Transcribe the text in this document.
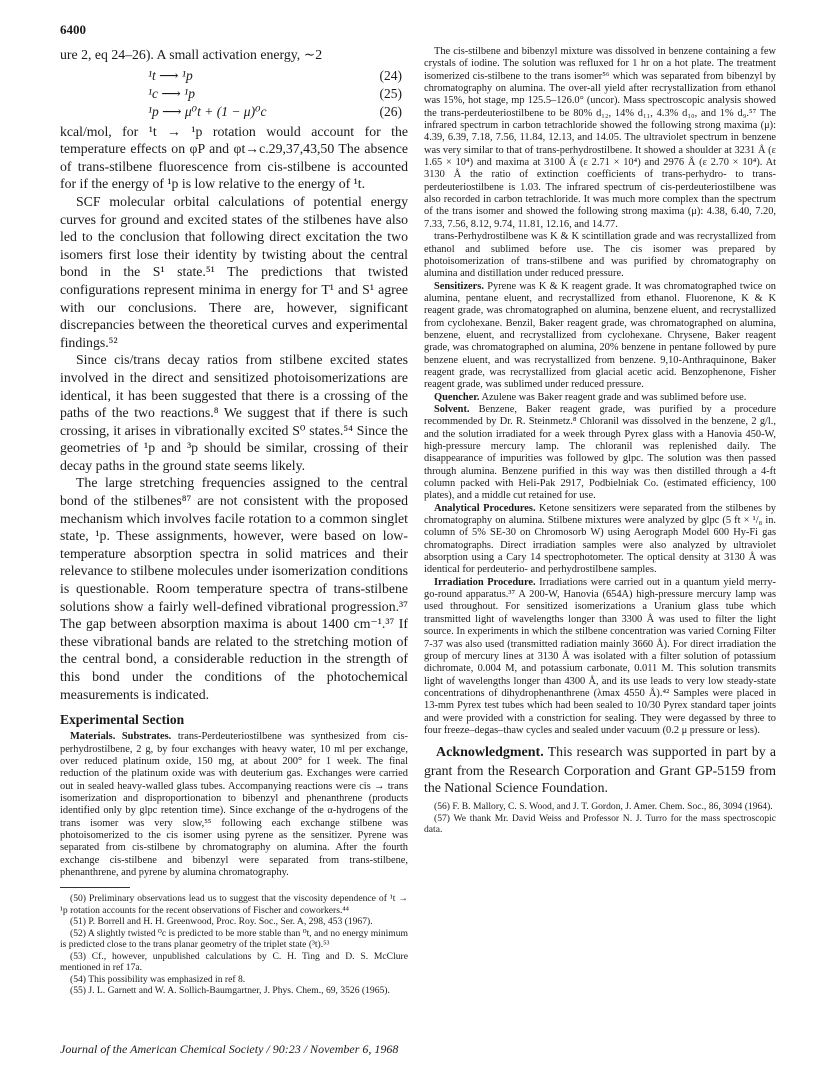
6400

ure 2, eq 24–26). A small activation energy, ∼2

¹t ⟶ ¹p	(24)
¹c ⟶ ¹p	(25)
¹p ⟶ μ⁰t + (1 − μ)⁰c	(26)

kcal/mol, for ¹t → ¹p rotation would account for the temperature effects on φP and φt→c.29,37,43,50 The absence of trans-stilbene fluorescence from cis-stilbene is accounted for if the energy of ¹p is low relative to the energy of ¹t.

SCF molecular orbital calculations of potential energy curves for ground and excited states of the stilbenes have also led to the conclusion that following direct excitation the two isomers first lose their identity by twisting about the central bond in the S¹ state.⁵¹ The predictions that twisted configurations represent minima in energy for T¹ and S¹ agree with our conclusions. There are, however, significant discrepancies between the theoretical curves and experimental findings.⁵²

Since cis/trans decay ratios from stilbene excited states involved in the direct and sensitized photoisomerizations are identical, it has been suggested that there is a crossing of the paths of the two reactions.⁸ We suggest that if there is such crossing, it arises in vibrationally excited S⁰ states.⁵⁴ Since the geometries of ¹p and ³p should be similar, crossing of their decay paths in the ground state seems likely.

The large stretching frequencies assigned to the central bond of the stilbenes⁸⁷ are not consistent with the proposed mechanism which involves facile rotation to a common singlet state, ¹p. These assignments, however, were based on low-temperature absorption spectra in solid matrices and their relevance to stilbene molecules under isomerization conditions is questionable. Room temperature spectra of trans-stilbene solutions show a fairly well-defined vibrational progression.³⁷ The gap between absorption maxima is about 1400 cm⁻¹.³⁷ If these vibrational bands are related to the stretching motion of the central bond, a considerable reduction in the strength of this bond under the conditions of the photochemical measurements is indicated.

Experimental Section

Materials. Substrates. trans-Perdeuteriostilbene was synthesized from cis-perhydrostilbene, 2 g, by four exchanges with heavy water, 10 ml per exchange, over reduced platinum oxide, 150 mg, at about 200° for 1 week. The final reduction of the platinum oxide was with deuterium gas. Exchanges were carried out in sealed heavy-walled glass tubes. Accompanying reactions were cis → trans isomerization and disproportionation to bibenzyl and phenanthrene (products identified only by glpc retention time). Since exchange of the α-hydrogens of the trans isomer was very slow,⁵⁵ following each exchange stilbene was photoisomerized to the cis isomer using pyrene as the sensitizer. Pyrene was separated from cis-stilbene by chromatography on alumina. After the fourth exchange cis-stilbene and bibenzyl were separated from trans-stilbene, phenanthrene, and pyrene by alumina chromatography.

(50) Preliminary observations lead us to suggest that the viscosity dependence of ¹t → ¹p rotation accounts for the recent observations of Fischer and coworkers.⁴⁴

(51) P. Borrell and H. H. Greenwood, Proc. Roy. Soc., Ser. A, 298, 453 (1967).

(52) A slightly twisted ⁰c is predicted to be more stable than ⁰t, and no energy minimum is predicted close to the trans planar geometry of the triplet state (³t).⁵³

(53) Cf., however, unpublished calculations by C. H. Ting and D. S. McClure mentioned in ref 17a.

(54) This possibility was emphasized in ref 8.

(55) J. L. Garnett and W. A. Sollich-Baumgartner, J. Phys. Chem., 69, 3526 (1965).

The cis-stilbene and bibenzyl mixture was dissolved in benzene containing a few crystals of iodine. The solution was refluxed for 1 hr on a hot plate. The treatment isomerized cis-stilbene to the trans isomer⁵⁶ which was separated from bibenzyl by chromatography on alumina. The over-all yield after recrystallization from ethanol was 15%, hot stage, mp 125.5–126.0° (uncor). Mass spectroscopic analysis showed the trans-perdeuteriostilbene to be 80% d₁₂, 14% d₁₁, 4.3% d₁₀, and 1% d₉.⁵⁷ The infrared spectrum in carbon tetrachloride showed the following strong maxima (μ): 4.39, 6.39, 7.18, 7.56, 11.84, 12.13, and 14.05. The ultraviolet spectrum in benzene was very similar to that of trans-perhydrostilbene. It showed a shoulder at 3231 Å (ε 1.65 × 10⁴) and maxima at 3100 Å (ε 2.71 × 10⁴) and 2976 Å (ε 2.70 × 10⁴). At 3130 Å the ratio of extinction coefficients of trans-perhydro- to trans-perdeuteriostilbene is 1.03. The infrared spectrum of cis-perdeuteriostilbene was also recorded in carbon tetrachloride. It was much more complex than the spectrum of the trans isomer and showed the following strong maxima (μ): 4.38, 6.40, 7.20, 7.33, 7.56, 8.12, 9.74, 11.81, 12.16, and 14.77.

trans-Perhydrostilbene was K & K scintillation grade and was recrystallized from ethanol and sublimed before use. The cis isomer was prepared by photoisomerization of trans-stilbene and was purified by chromatography on alumina and distillation under reduced pressure.

Sensitizers. Pyrene was K & K reagent grade. It was chromatographed twice on alumina, pentane eluent, and recrystallized from ethanol. Fluorenone, K & K reagent grade, was chromatographed on alumina, benzene eluent, and recrystallized from cyclohexane. Benzil, Baker reagent grade, was chromatographed on alumina, benzene, eluent, and recrystallized from cyclohexane. Chrysene, Baker reagent grade, was chromatographed on alumina, 20% benzene in pentane followed by pure benzene eluent, and was recrystallized from benzene. 9,10-Anthraquinone, Baker reagent grade, was recrystallized from glacial acetic acid. Benzophenone, Fisher reagent grade, was sublimed under reduced pressure.

Quencher. Azulene was Baker reagent grade and was sublimed before use.

Solvent. Benzene, Baker reagent grade, was purified by a procedure recommended by Dr. R. Steinmetz.⁸ Chloranil was dissolved in the benzene, 2 g/l., and the solution irradiated for a week through Pyrex glass with a Hanovia 450-W, high-pressure mercury lamp. The chloranil was replenished daily. The disappearance of impurities was followed by glpc. The solution was then passed through alumina. Benzene purified in this way was then distilled through a 4-ft column packed with Heli-Pak 2917, Podbielniak Co. (estimated efficiency, 100 plates), and a middle cut retained for use.

Analytical Procedures. Ketone sensitizers were separated from the stilbenes by chromatography on alumina. Stilbene mixtures were analyzed by glpc (5 ft × ¹/₈ in. column of 5% SE-30 on Chromosorb W) using Aerograph Model 600 Hy-Fi gas chromatographs. Direct irradiation samples were also analyzed by ultraviolet absorption using a Cary 14 spectrophotometer. The optical density at 3130 Å was identical for perdeuterio- and perhydrostilbene samples.

Irradiation Procedure. Irradiations were carried out in a quantum yield merry-go-round apparatus.³⁷ A 200-W, Hanovia (654A) high-pressure mercury lamp was used throughout. For sensitized isomerizations a Uranium glass tube which transmitted light of wavelengths longer than 3300 Å was used to filter the light source. In experiments in which the stilbene concentration was varied Corning Filter 7-37 was also used (transmitted radiation mainly 3660 Å). For direct irradiation the group of mercury lines at 3130 Å was isolated with a filter solution of potassium dichromate, 0.004 M, and potassium carbonate, 0.011 M. This solution transmits light of wavelengths longer than 4300 Å, and its use leads to very low steady-state concentrations of dihydrophenanthrene (λmax 4550 Å).⁴² Samples were placed in 13-mm Pyrex test tubes which had been sealed to 10/30 Pyrex standard taper joints and were provided with a constriction for sealing. They were degassed by three to four freeze–degas–thaw cycles and sealed under vacuum (0.2 μ pressure or less).

Acknowledgment. This research was supported in part by a grant from the Research Corporation and Grant GP-5159 from the National Science Foundation.

(56) F. B. Mallory, C. S. Wood, and J. T. Gordon, J. Amer. Chem. Soc., 86, 3094 (1964).

(57) We thank Mr. David Weiss and Professor N. J. Turro for the mass spectroscopic data.

Journal of the American Chemical Society / 90:23 / November 6, 1968
